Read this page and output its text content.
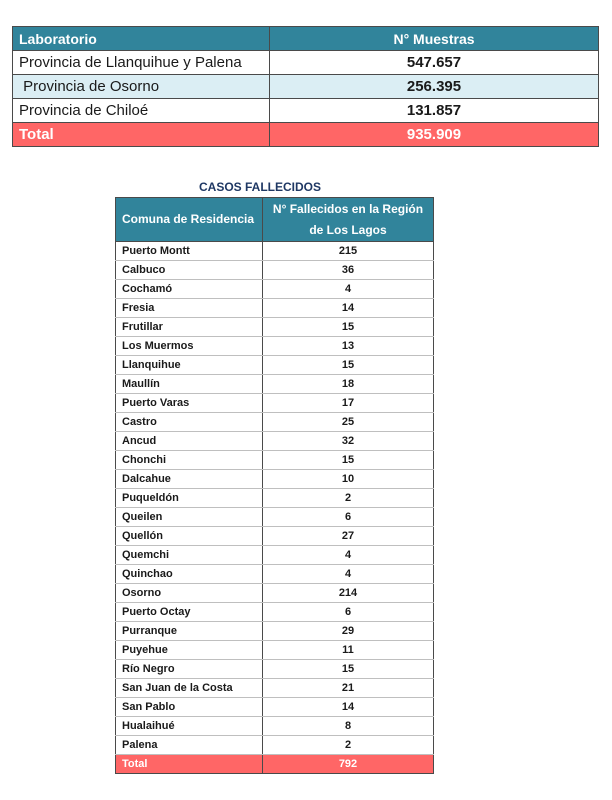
Laboratorio	N° Muestras
Provincia de Llanquihue y Palena	547.657
Provincia de Osorno	256.395
Provincia de Chiloé	131.857
Total	935.909
CASOS FALLECIDOS
Comuna de Residencia	N° Fallecidos en la Región de Los Lagos
Puerto Montt	215
Calbuco	36
Cochamó	4
Fresia	14
Frutillar	15
Los Muermos	13
Llanquihue	15
Maullín	18
Puerto Varas	17
Castro	25
Ancud	32
Chonchi	15
Dalcahue	10
Puqueldón	2
Queilen	6
Quellón	27
Quemchi	4
Quinchao	4
Osorno	214
Puerto Octay	6
Purranque	29
Puyehue	11
Río Negro	15
San Juan de la Costa	21
San Pablo	14
Hualaihué	8
Palena	2
Total	792
